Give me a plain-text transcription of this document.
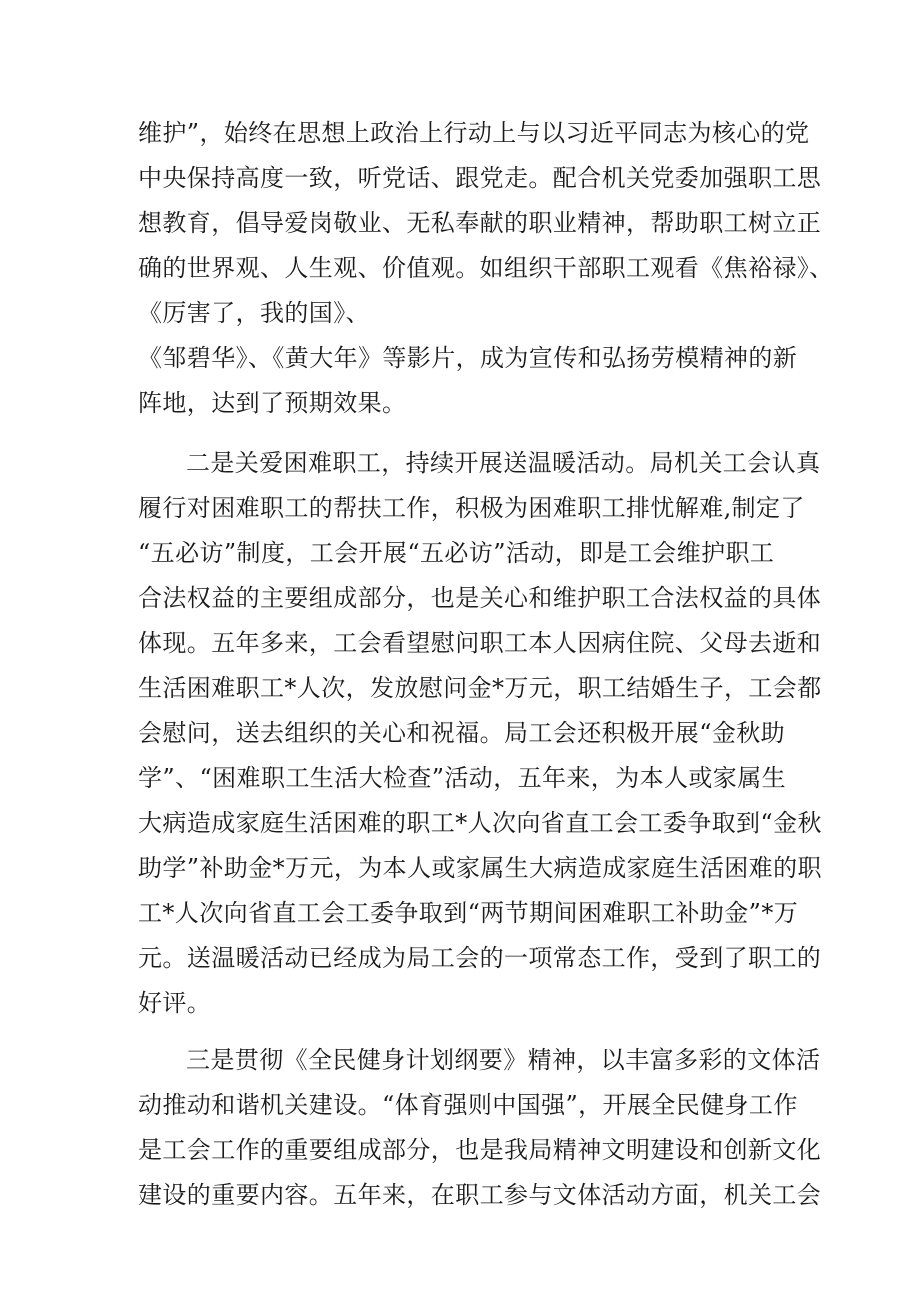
维护”，始终在思想上政治上行动上与以习近平同志为核心的党
中央保持高度一致，听党话、跟党走。配合机关党委加强职工思
想教育，倡导爱岗敬业、无私奉献的职业精神，帮助职工树立正
确的世界观、人生观、价值观。如组织干部职工观看《焦裕禄》、
《厉害了，我的国》、
《邹碧华》、《黄大年》等影片，成为宣传和弘扬劳模精神的新
阵地，达到了预期效果。
二是关爱困难职工，持续开展送温暖活动。局机关工会认真
履行对困难职工的帮扶工作，积极为困难职工排忧解难,制定了
“五必访”制度，工会开展“五必访”活动，即是工会维护职工
合法权益的主要组成部分，也是关心和维护职工合法权益的具体
体现。五年多来，工会看望慰问职工本人因病住院、父母去逝和
生活困难职工*人次，发放慰问金*万元，职工结婚生子，工会都
会慰问，送去组织的关心和祝福。局工会还积极开展“金秋助
学”、“困难职工生活大检查”活动，五年来，为本人或家属生
大病造成家庭生活困难的职工*人次向省直工会工委争取到“金秋
助学”补助金*万元，为本人或家属生大病造成家庭生活困难的职
工*人次向省直工会工委争取到“两节期间困难职工补助金”*万
元。送温暖活动已经成为局工会的一项常态工作，受到了职工的
好评。
三是贯彻《全民健身计划纲要》精神，以丰富多彩的文体活
动推动和谐机关建设。“体育强则中国强”，开展全民健身工作
是工会工作的重要组成部分，也是我局精神文明建设和创新文化
建设的重要内容。五年来，在职工参与文体活动方面，机关工会
